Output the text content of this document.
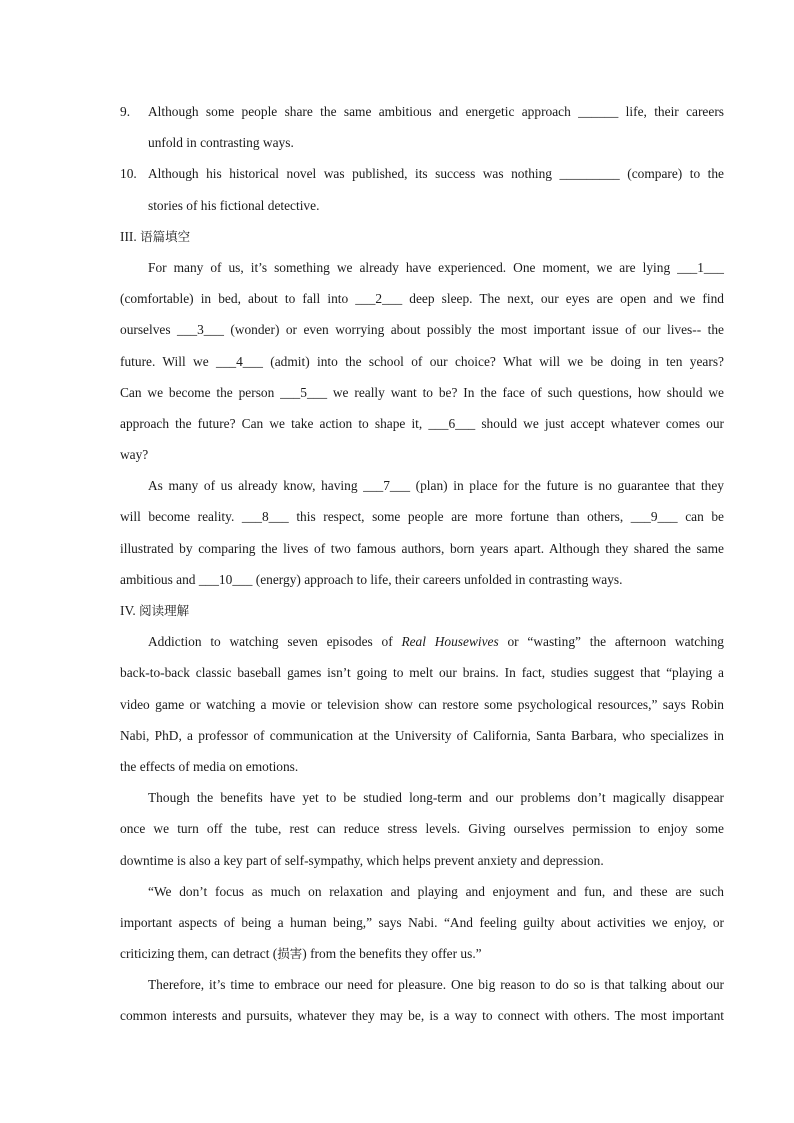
9. Although some people share the same ambitious and energetic approach ______ life, their careers
unfold in contrasting ways.
10. Although his historical novel was published, its success was nothing _________ (compare) to the
stories of his fictional detective.
III. 语篇填空
For many of us, it’s something we already have experienced. One moment, we are lying ___1___
(comfortable) in bed, about to fall into ___2___ deep sleep. The next, our eyes are open and we find
ourselves ___3___ (wonder) or even worrying about possibly the most important issue of our lives-- the
future. Will we ___4___ (admit) into the school of our choice? What will we be doing in ten years?
Can we become the person ___5___ we really want to be? In the face of such questions, how should we
approach the future? Can we take action to shape it, ___6___ should we just accept whatever comes our
way?
As many of us already know, having ___7___ (plan) in place for the future is no guarantee that they
will become reality. ___8___ this respect, some people are more fortune than others, ___9___ can be
illustrated by comparing the lives of two famous authors, born years apart. Although they shared the same
ambitious and ___10___ (energy) approach to life, their careers unfolded in contrasting ways.
IV. 阅读理解
Addiction to watching seven episodes of Real Housewives or “wasting” the afternoon watching
back-to-back classic baseball games isn’t going to melt our brains. In fact, studies suggest that “playing a
video game or watching a movie or television show can restore some psychological resources,” says Robin
Nabi, PhD, a professor of communication at the University of California, Santa Barbara, who specializes in
the effects of media on emotions.
Though the benefits have yet to be studied long-term and our problems don’t magically disappear
once we turn off the tube, rest can reduce stress levels. Giving ourselves permission to enjoy some
downtime is also a key part of self-sympathy, which helps prevent anxiety and depression.
“We don’t focus as much on relaxation and playing and enjoyment and fun, and these are such
important aspects of being a human being,” says Nabi. “And feeling guilty about activities we enjoy, or
criticizing them, can detract (损害) from the benefits they offer us.”
Therefore, it’s time to embrace our need for pleasure. One big reason to do so is that talking about our
common interests and pursuits, whatever they may be, is a way to connect with others. The most important
